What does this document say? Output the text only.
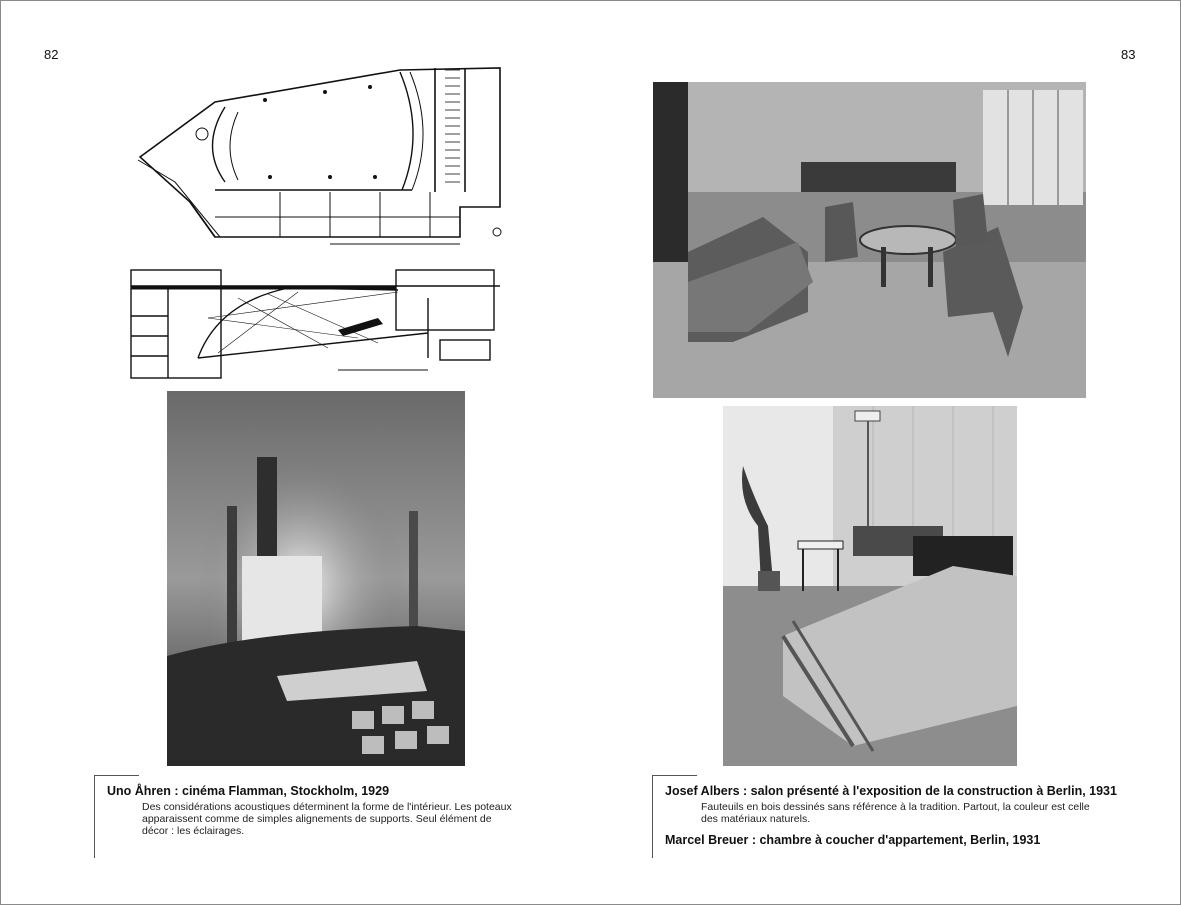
82	83
Uno Åhren : cinéma Flamman, Stockholm, 1929
Des considérations acoustiques déterminent la forme de l'intérieur. Les poteaux apparaissent comme de simples alignements de supports. Seul élément de décor : les éclairages.
Josef Albers : salon présenté à l'exposition de la construction à Berlin, 1931
Fauteuils en bois dessinés sans référence à la tradition. Partout, la couleur est celle des matériaux naturels.
Marcel Breuer : chambre à coucher d'appartement, Berlin, 1931
